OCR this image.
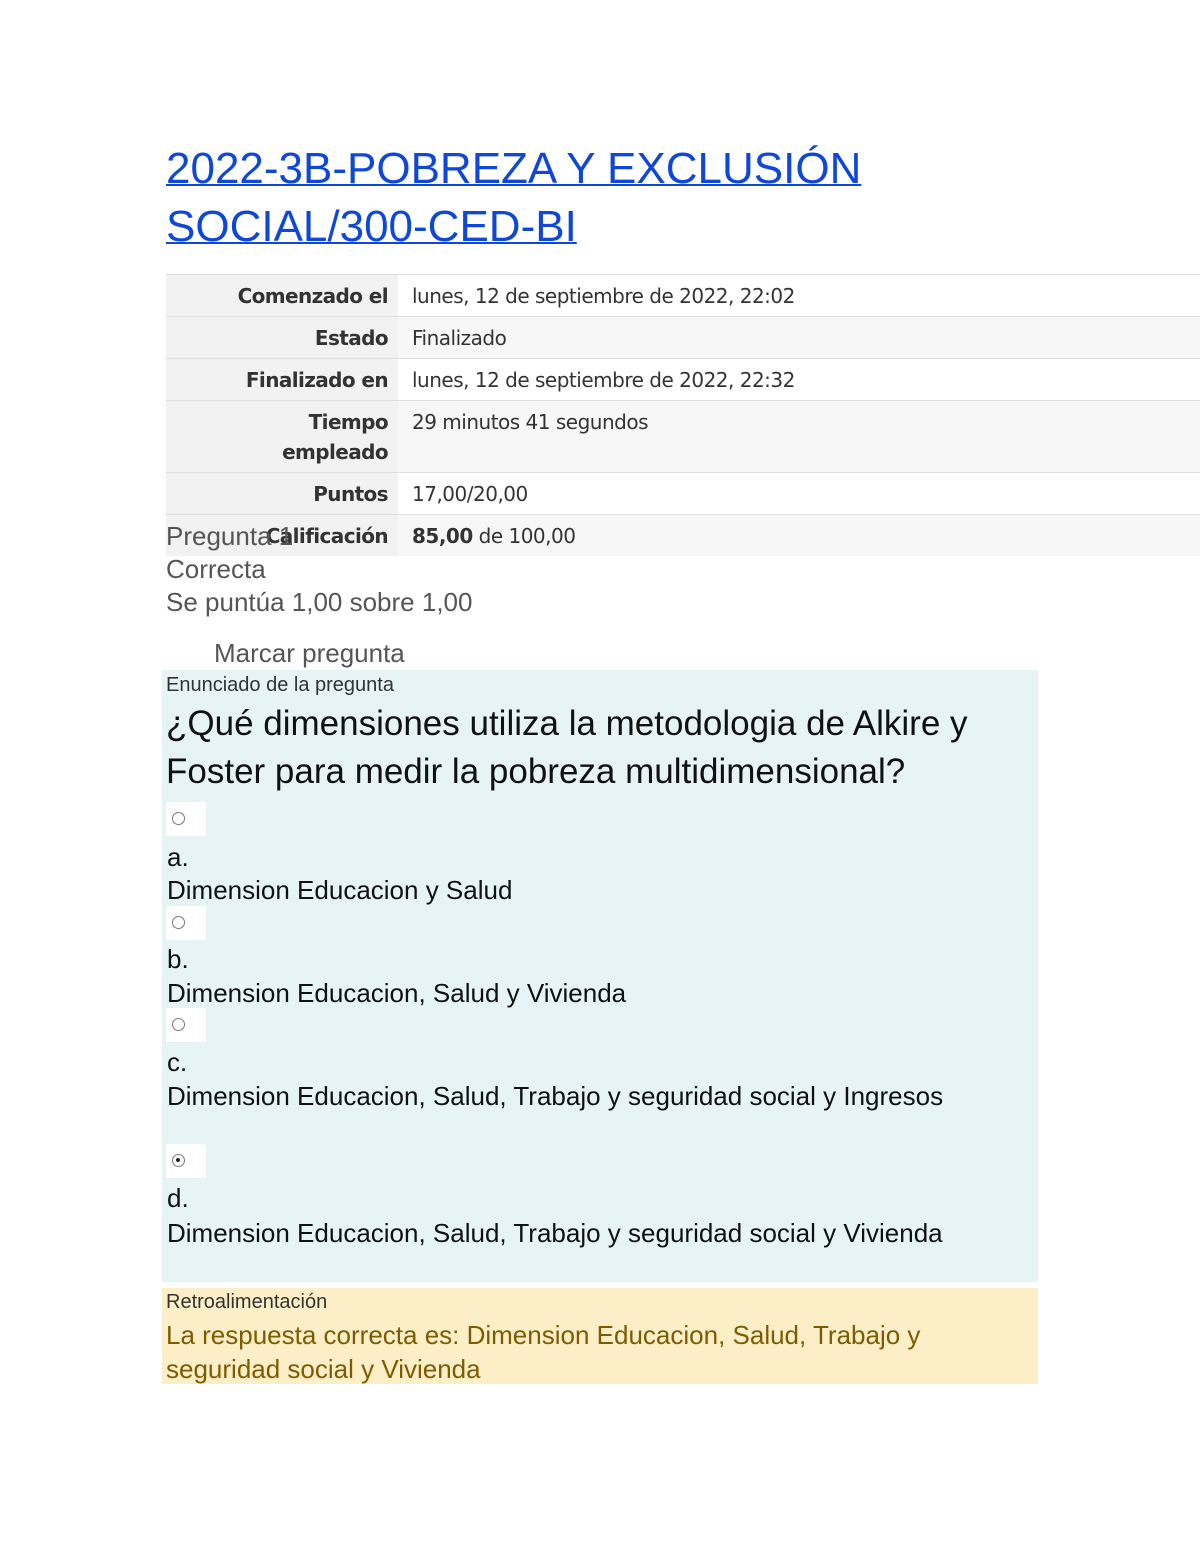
2022-3B-POBREZA Y EXCLUSIÓN SOCIAL/300-CED-BI
Comenzado el	lunes, 12 de septiembre de 2022, 22:02
Estado	Finalizado
Finalizado en	lunes, 12 de septiembre de 2022, 22:32
Tiempo empleado	29 minutos 41 segundos
Puntos	17,00/20,00
Calificación	85,00 de 100,00
Pregunta 1
Correcta
Se puntúa 1,00 sobre 1,00
Marcar pregunta
Enunciado de la pregunta
¿Qué dimensiones utiliza la metodologia de Alkire y Foster para medir la pobreza multidimensional?
a.
Dimension Educacion y Salud
b.
Dimension Educacion, Salud y Vivienda
c.
Dimension Educacion, Salud, Trabajo y seguridad social y Ingresos
d.
Dimension Educacion, Salud, Trabajo y seguridad social y Vivienda
Retroalimentación
La respuesta correcta es: Dimension Educacion, Salud, Trabajo y seguridad social y Vivienda
